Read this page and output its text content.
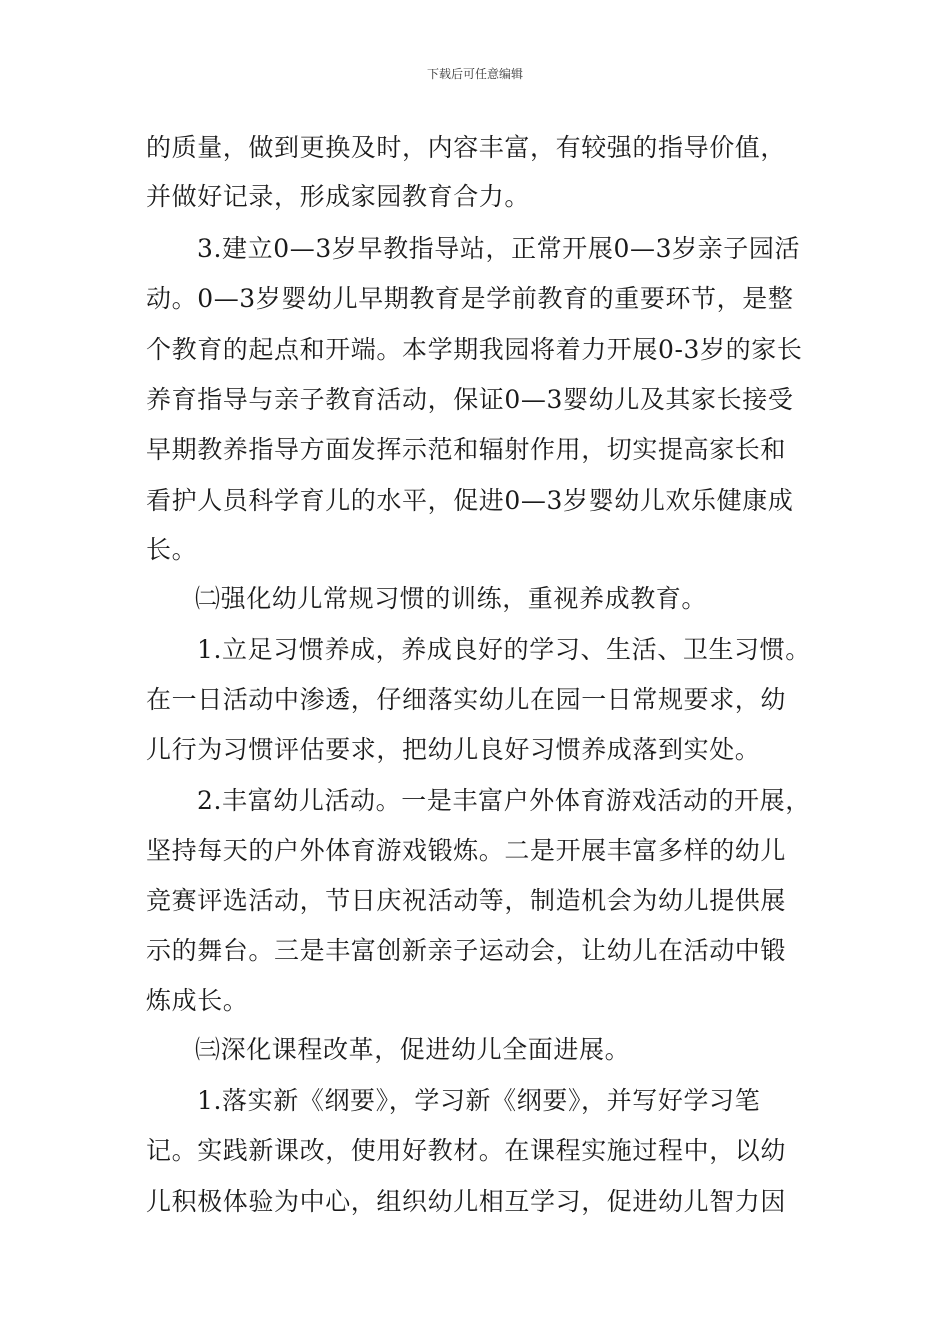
下载后可任意编辑
的质量，做到更换及时，内容丰富，有较强的指导价值，
并做好记录，形成家园教育合力。
3.建立0—3岁早教指导站，正常开展0—3岁亲子园活
动。0—3岁婴幼儿早期教育是学前教育的重要环节，是整
个教育的起点和开端。本学期我园将着力开展0-3岁的家长
养育指导与亲子教育活动，保证0—3婴幼儿及其家长接受
早期教养指导方面发挥示范和辐射作用，切实提高家长和
看护人员科学育儿的水平，促进0—3岁婴幼儿欢乐健康成
长。
㈡强化幼儿常规习惯的训练，重视养成教育。
1.立足习惯养成，养成良好的学习、生活、卫生习惯。
在一日活动中渗透，仔细落实幼儿在园一日常规要求，幼
儿行为习惯评估要求，把幼儿良好习惯养成落到实处。
2.丰富幼儿活动。一是丰富户外体育游戏活动的开展，
坚持每天的户外体育游戏锻炼。二是开展丰富多样的幼儿
竞赛评选活动，节日庆祝活动等，制造机会为幼儿提供展
示的舞台。三是丰富创新亲子运动会，让幼儿在活动中锻
炼成长。
㈢深化课程改革，促进幼儿全面进展。
1.落实新《纲要》，学习新《纲要》，并写好学习笔
记。实践新课改，使用好教材。在课程实施过程中，以幼
儿积极体验为中心，组织幼儿相互学习，促进幼儿智力因
